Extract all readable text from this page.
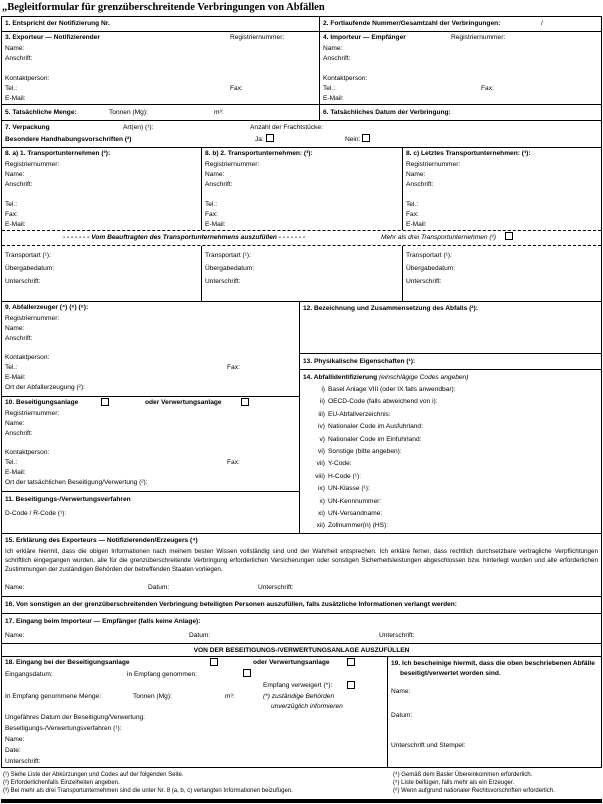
„Begleitformular für grenzüberschreitende Verbringungen von Abfällen
1. Entspricht der Notifizierung Nr.	2. Fortlaufende Nummer/Gesamtzahl der Verbringungen:	/
3. Exporteur — Notifizierender	Registriernummer:
Name:
Anschrift:
Kontaktperson:
Tel.:	Fax:
E-Mail:
4. Importeur — Empfänger	Registriernummer:
Name:
Anschrift:
Kontaktperson:
Tel.:	Fax:
E-Mail:
5. Tatsächliche Menge:	Tonnen (Mg):	m³:	6. Tatsächliches Datum der Verbringung:
7. Verpackung	Art(en) (¹):	Anzahl der Frachtstücke:
Besondere Handhabungsvorschriften (²)	Ja:	Nein:
8. a) 1. Transportunternehmen (³):
Registriernummer:
Name:
Anschrift:
Tel.:
Fax:
E-Mail:
8. b) 2. Transportunternehmen: (³):
Registriernummer:
Name:
Anschrift:
Tel.:
Fax:
E-Mail:
8. c) Letztes Transportunternehmen: (³):
Registriernummer:
Name:
Anschrift:
Tel.:
Fax:
E-Mail:
- - - - - - - Vom Beauftragten des Transportunternehmens auszufüllen - - - - - - -	Mehr als drei Transportunternehmen (²)
Transportart (¹):
Übergabedatum:
Unterschrift:
Transportart (¹):
Übergabedatum:
Unterschrift:
Transportart (¹):
Übergabedatum:
Unterschrift:
9. Abfallerzeuger (⁴) (⁵) (⁶):
Registriernummer:
Name:
Anschrift:
Kontaktperson:
Tel.:	Fax:
E-Mail:
Ort der Abfallerzeugung (²):
10. Beseitigungsanlage	oder Verwertungsanlage
Registriernummer:
Name:
Anschrift:
Kontaktperson:
Tel.:	Fax:
E-Mail:
Ort der tatsächlichen Beseitigung/Verwertung (²):
11. Beseitigungs-/Verwertungsverfahren
D-Code / R-Code (¹):
12. Bezeichnung und Zusammensetzung des Abfalls (²):
13. Physikalische Eigenschaften (¹):
14. Abfallidentifizierung (einschlägige Codes angeben)
i) Basel Anlage VIII (oder IX falls anwendbar):
ii) OECD-Code (falls abweichend von i):
iii) EU-Abfallverzeichnis:
iv) Nationaler Code im Ausfuhrland:
v) Nationaler Code im Einfuhrland:
vi) Sonstige (bitte angeben):
vii) Y-Code:
viii) H-Code (¹):
ix) UN-Klasse (¹):
x) UN-Kennnummer:
xi) UN-Versandname:
xii) Zollnummer(n) (HS):
15. Erklärung des Exporteurs — Notifizierenden/Erzeugers (⁴)
Ich erkläre hiermit, dass die obigen Informationen nach meinem besten Wissen vollständig sind und der Wahrheit entsprechen. Ich erkläre ferner, dass rechtlich durchsetzbare vertragliche Verpflichtungen schriftlich eingegangen wurden, alle für die grenzüberschreitende Verbringung erforderlichen Versicherungen oder sonstigen Sicherheitsleistungen abgeschlossen bzw. hinterlegt wurden und alle erforderlichen Zustimmungen der zuständigen Behörden der betreffenden Staaten vorliegen.
Name:	Datum:	Unterschrift:
16. Von sonstigen an der grenzüberschreitenden Verbringung beteiligten Personen auszufüllen, falls zusätzliche Informationen verlangt werden:
17. Eingang beim Importeur — Empfänger (falls keine Anlage):
Name:	Datum:	Unterschrift:
VON DER BESEITIGUNGS-/VERWERTUNGSANLAGE AUSZUFÜLLEN
18. Eingang bei der Beseitigungsanlage	oder Verwertungsanlage
Eingangsdatum:	in Empfang genommen:
Empfang verweigert (*):
In Empfang genommene Menge:	Tonnen (Mg):	m³:	(*) zuständige Behörden
unverzüglich informieren
Ungefähres Datum der Beseitigung/Verwertung:
Beseitigungs-/Verwertungsverfahren (¹):
Name:
Date:
Unterschrift:
19. Ich bescheinige hiermit, dass die oben beschriebenen Abfälle beseitigt/verwertet worden sind.
Name:
Datum:
Unterschrift und Stempel:
(¹) Siehe Liste der Abkürzungen und Codes auf der folgenden Seite.
(²) Erforderlichenfalls Einzelheiten angeben.
(³) Bei mehr als drei Transportunternehmen sind die unter Nr. 8 (a, b, c) verlangten Informationen beizufügen.
(⁴) Gemäß dem Basler Übereinkommen erforderlich.
(⁵) Liste beifügen, falls mehr als ein Erzeuger.
(⁶) Wenn aufgrund nationaler Rechtsvorschriften erforderlich.
